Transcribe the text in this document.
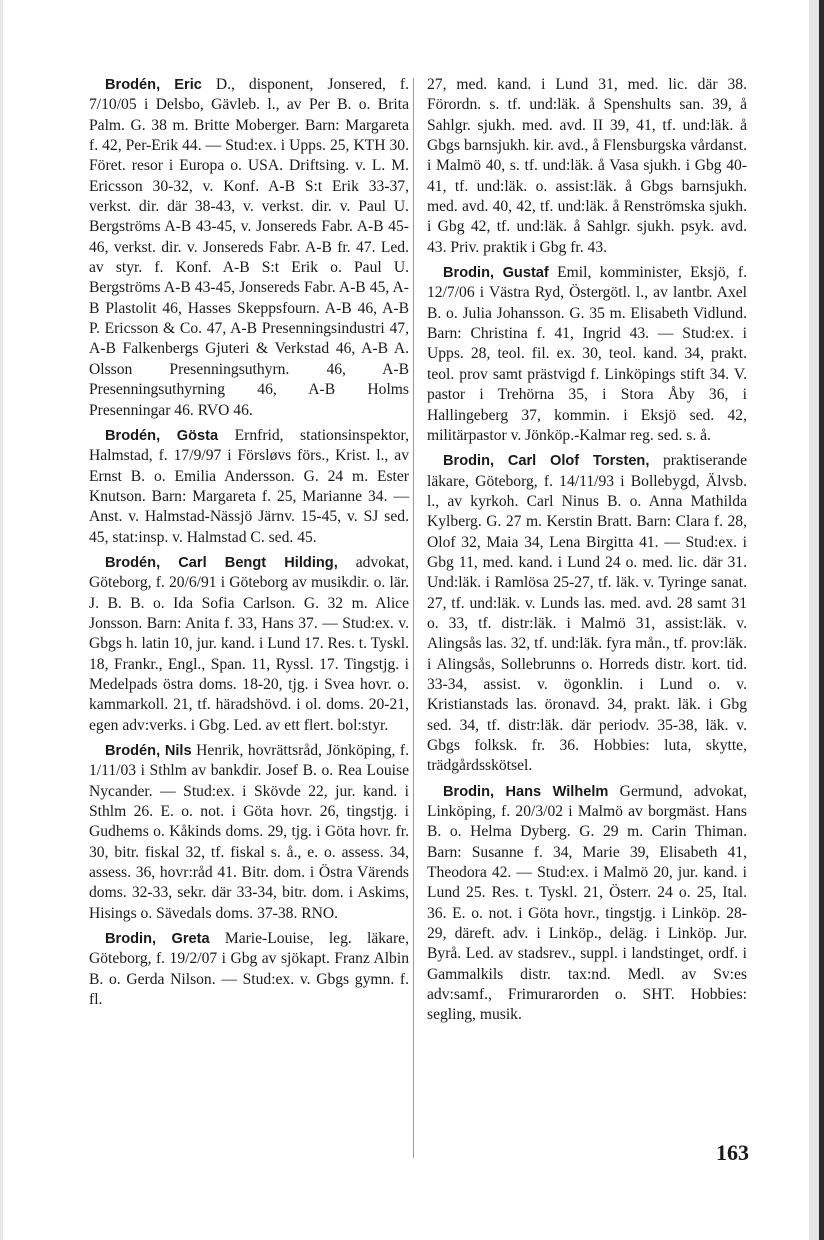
Brodén, Eric D., disponent, Jonsered, f. 7/10/05 i Delsbo, Gävleb. l., av Per B. o. Brita Palm. G. 38 m. Britte Moberger. Barn: Margareta f. 42, Per-Erik 44. — Stud:ex. i Upps. 25, KTH 30. Föret. resor i Europa o. USA. Driftsing. v. L. M. Ericsson 30-32, v. Konf. A-B S:t Erik 33-37, verkst. dir. där 38-43, v. verkst. dir. v. Paul U. Bergströms A-B 43-45, v. Jonsereds Fabr. A-B 45-46, verkst. dir. v. Jonsereds Fabr. A-B fr. 47. Led. av styr. f. Konf. A-B S:t Erik o. Paul U. Bergströms A-B 43-45, Jonsereds Fabr. A-B 45, A-B Plastolit 46, Hasses Skeppsfourn. A-B 46, A-B P. Ericsson & Co. 47, A-B Presenningsindustri 47, A-B Falkenbergs Gjuteri & Verkstad 46, A-B A. Olsson Presenningsuthyrn. 46, A-B Presenningsuthyrning 46, A-B Holms Presenningar 46. RVO 46.

Brodén, Gösta Ernfrid, stationsinspektor, Halmstad, f. 17/9/97 i Försløvs förs., Krist. l., av Ernst B. o. Emilia Andersson. G. 24 m. Ester Knutson. Barn: Margareta f. 25, Marianne 34. — Anst. v. Halmstad-Nässjö Järnv. 15-45, v. SJ sed. 45, stat:insp. v. Halmstad C. sed. 45.

Brodén, Carl Bengt Hilding, advokat, Göteborg, f. 20/6/91 i Göteborg av musikdir. o. lär. J. B. B. o. Ida Sofia Carlson. G. 32 m. Alice Jonsson. Barn: Anita f. 33, Hans 37. — Stud:ex. v. Gbgs h. latin 10, jur. kand. i Lund 17. Res. t. Tyskl. 18, Frankr., Engl., Span. 11, Ryssl. 17. Tingstjg. i Medelpads östra doms. 18-20, tjg. i Svea hovr. o. kammarkoll. 21, tf. häradshövd. i ol. doms. 20-21, egen adv:verks. i Gbg. Led. av ett flert. bol:styr.

Brodén, Nils Henrik, hovrättsråd, Jönköping, f. 1/11/03 i Sthlm av bankdir. Josef B. o. Rea Louise Nycander. — Stud:ex. i Skövde 22, jur. kand. i Sthlm 26. E. o. not. i Göta hovr. 26, tingstjg. i Gudhems o. Kåkinds doms. 29, tjg. i Göta hovr. fr. 30, bitr. fiskal 32, tf. fiskal s. å., e. o. assess. 34, assess. 36, hovr:råd 41. Bitr. dom. i Östra Värends doms. 32-33, sekr. där 33-34, bitr. dom. i Askims, Hisings o. Sävedals doms. 37-38. RNO.

Brodin, Greta Marie-Louise, leg. läkare, Göteborg, f. 19/2/07 i Gbg av sjökapt. Franz Albin B. o. Gerda Nilson. — Stud:ex. v. Gbgs gymn. f. fl.

27, med. kand. i Lund 31, med. lic. där 38. Förordn. s. tf. und:läk. å Spenshults san. 39, å Sahlgr. sjukh. med. avd. II 39, 41, tf. und:läk. å Gbgs barnsjukh. kir. avd., å Flensburgska vårdanst. i Malmö 40, s. tf. und:läk. å Vasa sjukh. i Gbg 40-41, tf. und:läk. o. assist:läk. å Gbgs barnsjukh. med. avd. 40, 42, tf. und:läk. å Renströmska sjukh. i Gbg 42, tf. und:läk. å Sahlgr. sjukh. psyk. avd. 43. Priv. praktik i Gbg fr. 43.

Brodin, Gustaf Emil, komminister, Eksjö, f. 12/7/06 i Västra Ryd, Östergötl. l., av lantbr. Axel B. o. Julia Johansson. G. 35 m. Elisabeth Vidlund. Barn: Christina f. 41, Ingrid 43. — Stud:ex. i Upps. 28, teol. fil. ex. 30, teol. kand. 34, prakt. teol. prov samt prästvigd f. Linköpings stift 34. V. pastor i Trehörna 35, i Stora Åby 36, i Hallingeberg 37, kommin. i Eksjö sed. 42, militärpastor v. Jönköp.-Kalmar reg. sed. s. å.

Brodin, Carl Olof Torsten, praktiserande läkare, Göteborg, f. 14/11/93 i Bollebygd, Älvsb. l., av kyrkoh. Carl Ninus B. o. Anna Mathilda Kylberg. G. 27 m. Kerstin Bratt. Barn: Clara f. 28, Olof 32, Maia 34, Lena Birgitta 41. — Stud:ex. i Gbg 11, med. kand. i Lund 24 o. med. lic. där 31. Und:läk. i Ramlösa 25-27, tf. läk. v. Tyringe sanat. 27, tf. und:läk. v. Lunds las. med. avd. 28 samt 31 o. 33, tf. distr:läk. i Malmö 31, assist:läk. v. Alingsås las. 32, tf. und:läk. fyra mån., tf. prov:läk. i Alingsås, Sollebrunns o. Horreds distr. kort. tid. 33-34, assist. v. ögonklin. i Lund o. v. Kristianstads las. öronavd. 34, prakt. läk. i Gbg sed. 34, tf. distr:läk. där periodv. 35-38, läk. v. Gbgs folksk. fr. 36. Hobbies: luta, skytte, trädgårdsskötsel.

Brodin, Hans Wilhelm Germund, advokat, Linköping, f. 20/3/02 i Malmö av borgmäst. Hans B. o. Helma Dyberg. G. 29 m. Carin Thiman. Barn: Susanne f. 34, Marie 39, Elisabeth 41, Theodora 42. — Stud:ex. i Malmö 20, jur. kand. i Lund 25. Res. t. Tyskl. 21, Österr. 24 o. 25, Ital. 36. E. o. not. i Göta hovr., tingstjg. i Linköp. 28-29, däreft. adv. i Linköp., deläg. i Linköp. Jur. Byrå. Led. av stadsrev., suppl. i landstinget, ordf. i Gammalkils distr. tax:nd. Medl. av Sv:es adv:samf., Frimurarorden o. SHT. Hobbies: segling, musik.

163
